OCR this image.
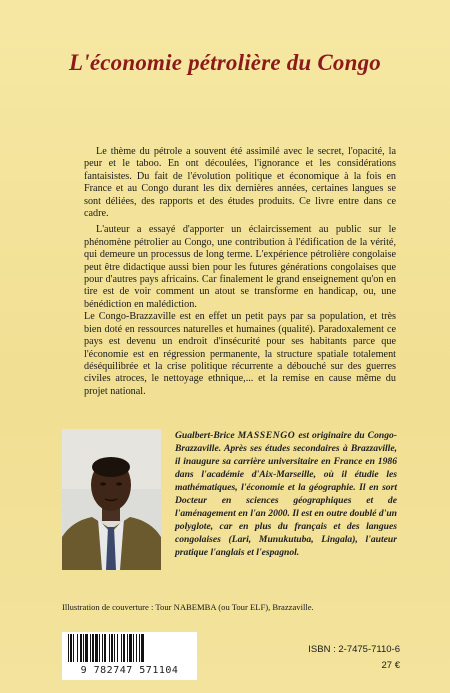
L'économie pétrolière du Congo

Le thème du pétrole a souvent été assimilé avec le secret, l'opacité, la peur et le taboo. En ont découlées, l'ignorance et les considérations fantaisistes. Du fait de l'évolution politique et économique à la fois en France et au Congo durant les dix dernières années, certaines langues se sont déliées, des rapports et des études produits. Ce livre entre dans ce cadre.

L'auteur a essayé d'apporter un éclaircissement au public sur le phénomène pétrolier au Congo, une contribution à l'édification de la vérité, qui demeure un processus de long terme. L'expérience pétrolière congolaise peut être didactique aussi bien pour les futures générations congolaises que pour d'autres pays africains. Car finalement le grand enseignement qu'on en tire est de voir comment un atout se transforme en handicap, ou, une bénédiction en malédiction.

Le Congo-Brazzaville est en effet un petit pays par sa population, et très bien doté en ressources naturelles et humaines (qualité). Paradoxalement ce pays est devenu un endroit d'insécurité pour ses habitants parce que l'économie est en régression permanente, la structure spatiale totalement déséquilibrée et la crise politique récurrente a débouché sur des guerres civiles atroces, le nettoyage ethnique,... et la remise en cause même du projet national.

Gualbert-Brice MASSENGO est originaire du Congo-Brazzaville. Après ses études secondaires à Brazzaville, il inaugure sa carrière universitaire en France en 1986 dans l'académie d'Aix-Marseille, où il étudie les mathématiques, l'économie et la géographie. Il en sort Docteur en sciences géographiques et de l'aménagement en l'an 2000. Il est en outre doublé d'un polyglote, car en plus du français et des langues congolaises (Lari, Munukutuba, Lingala), l'auteur pratique l'anglais et l'espagnol.
Illustration de couverture : Tour NABEMBA (ou Tour ELF), Brazzaville.
9 782747 571104
ISBN : 2-7475-7110-6
27 €
